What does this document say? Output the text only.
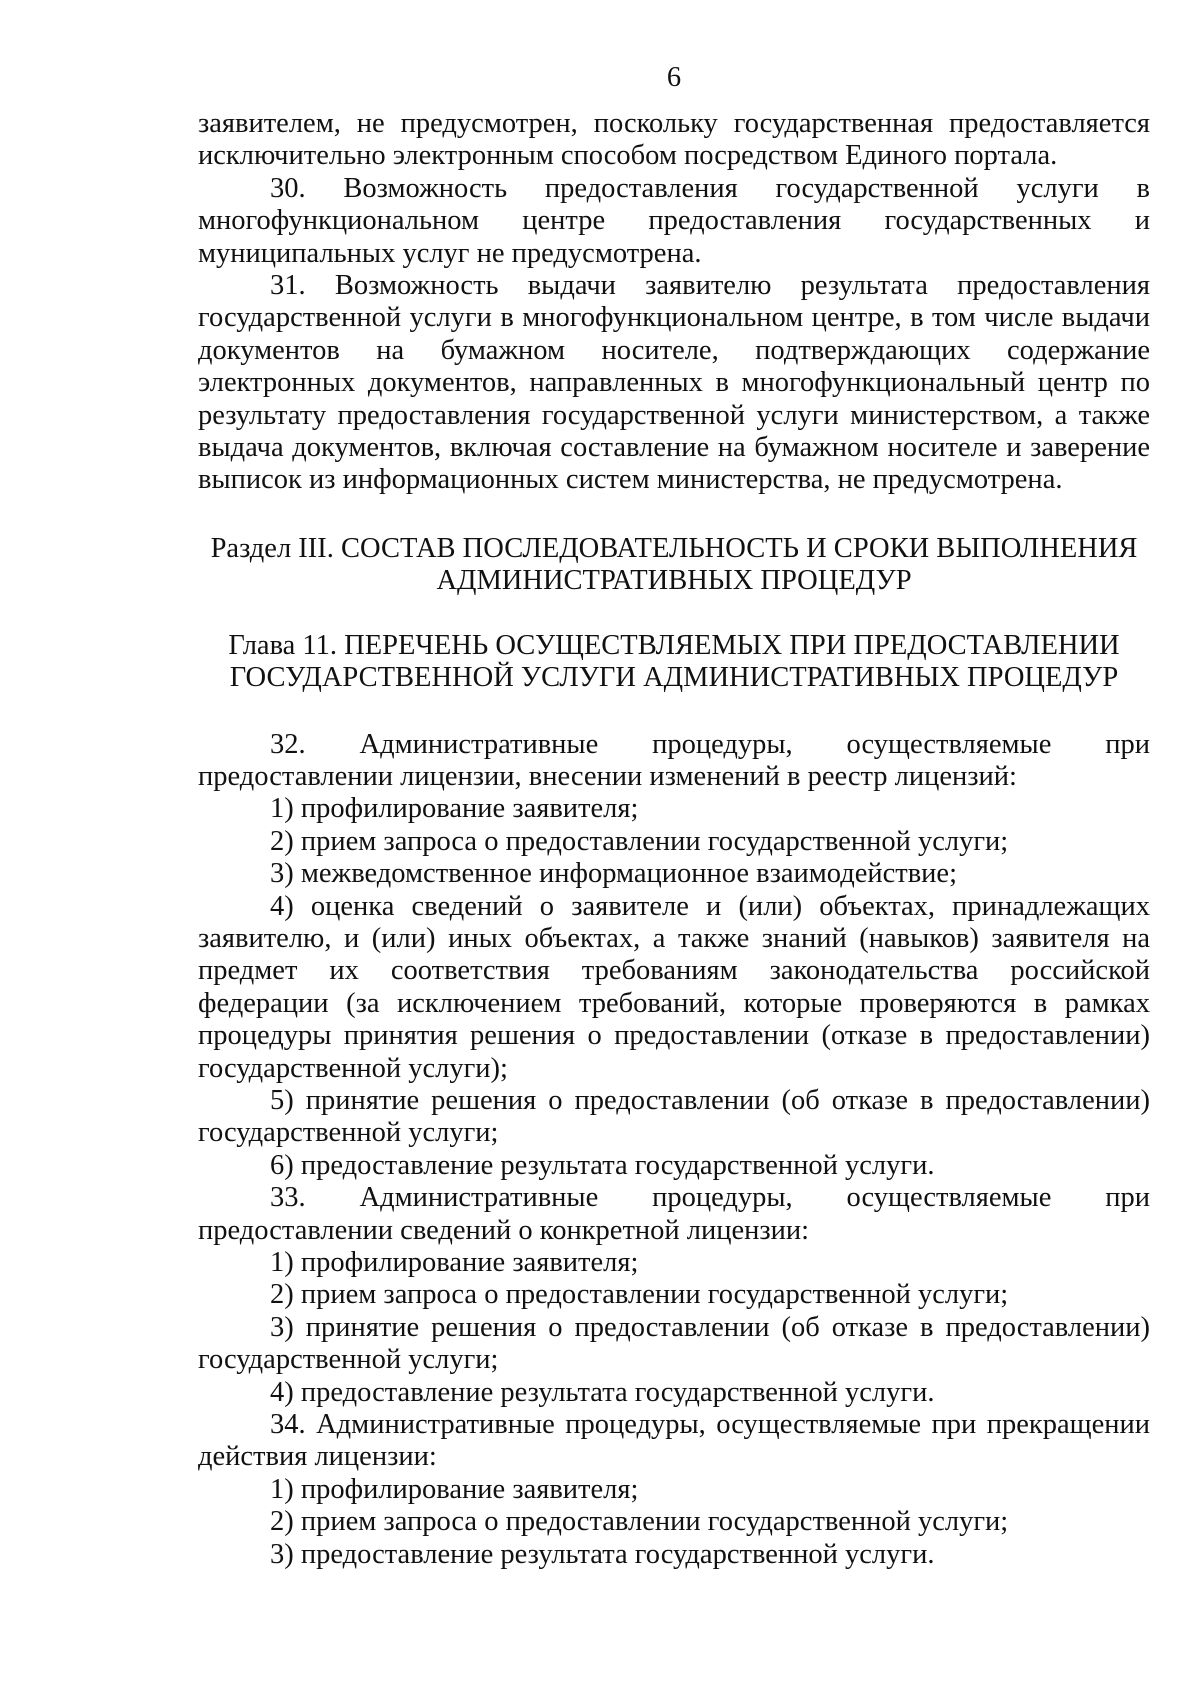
6

заявителем, не предусмотрен, поскольку государственная предоставляется исключительно электронным способом посредством Единого портала.

30. Возможность предоставления государственной услуги в многофункциональном центре предоставления государственных и муниципальных услуг не предусмотрена.

31. Возможность выдачи заявителю результата предоставления государственной услуги в многофункциональном центре, в том числе выдачи документов на бумажном носителе, подтверждающих содержание электронных документов, направленных в многофункциональный центр по результату предоставления государственной услуги министерством, а также выдача документов, включая составление на бумажном носителе и заверение выписок из информационных систем министерства, не предусмотрена.

Раздел III. СОСТАВ ПОСЛЕДОВАТЕЛЬНОСТЬ И СРОКИ ВЫПОЛНЕНИЯ
АДМИНИСТРАТИВНЫХ ПРОЦЕДУР
Глава 11. ПЕРЕЧЕНЬ ОСУЩЕСТВЛЯЕМЫХ ПРИ ПРЕДОСТАВЛЕНИИ
ГОСУДАРСТВЕННОЙ УСЛУГИ АДМИНИСТРАТИВНЫХ ПРОЦЕДУР

32. Административные процедуры, осуществляемые при предоставлении лицензии, внесении изменений в реестр лицензий:

1) профилирование заявителя;

2) прием запроса о предоставлении государственной услуги;

3) межведомственное информационное взаимодействие;

4) оценка сведений о заявителе и (или) объектах, принадлежащих заявителю, и (или) иных объектах, а также знаний (навыков) заявителя на предмет их соответствия требованиям законодательства российской федерации (за исключением требований, которые проверяются в рамках процедуры принятия решения о предоставлении (отказе в предоставлении) государственной услуги);

5) принятие решения о предоставлении (об отказе в предоставлении) государственной услуги;

6) предоставление результата государственной услуги.

33. Административные процедуры, осуществляемые при предоставлении сведений о конкретной лицензии:

1) профилирование заявителя;

2) прием запроса о предоставлении государственной услуги;

3) принятие решения о предоставлении (об отказе в предоставлении) государственной услуги;

4) предоставление результата государственной услуги.

34. Административные процедуры, осуществляемые при прекращении действия лицензии:

1) профилирование заявителя;

2) прием запроса о предоставлении государственной услуги;

3) предоставление результата государственной услуги.
